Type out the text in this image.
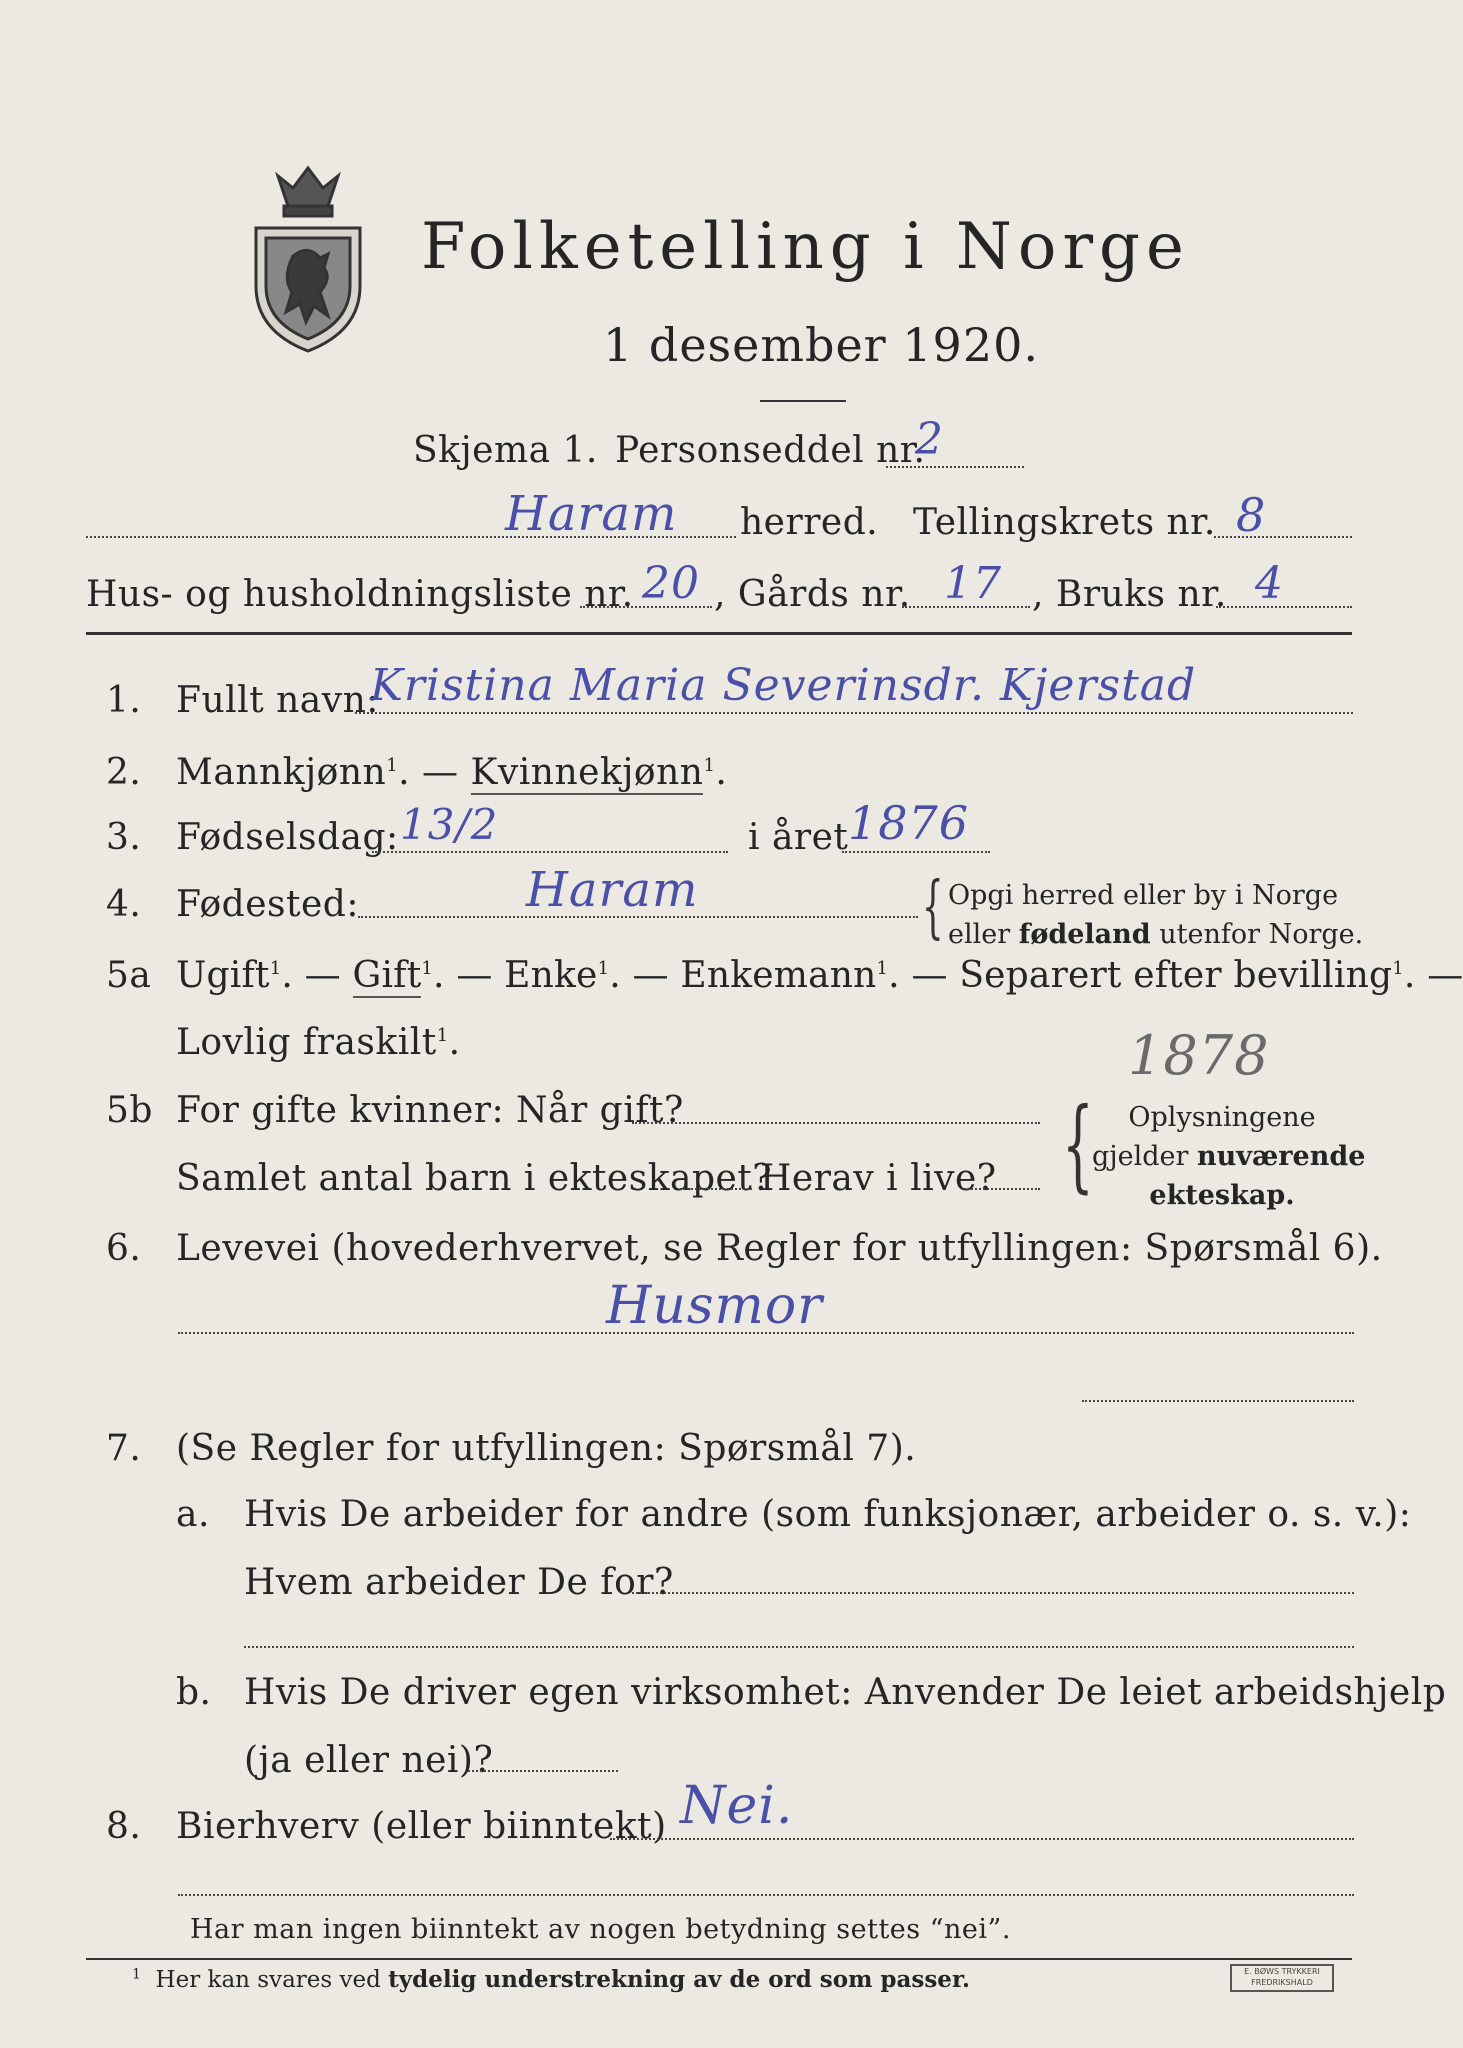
Folketelling i Norge
1 desember 1920.
Skjema 1. Personseddel nr.
2
Haram herred. Tellingskrets nr. 8
Hus- og husholdningsliste nr. 20 , Gårds nr. 17 , Bruks nr. 4
1. Fullt navn:
Kristina Maria Severinsdr. Kjerstad
2. Mannkjønn$^1$. — Kvinnekjønn$^1$.
3. Fødselsdag: 13/2	i året 1876
4. Fødested:	Haram	{ Opgi herred eller by i Norge
eller fødeland utenfor Norge.
5a Ugift$^1$. — Gift$^1$. — Enke$^1$. — Enkemann$^1$. — Separert efter bevilling$^1$. —
Lovlig fraskilt$^1$.	1878
5b For gifte kvinner: Når gift?
Samlet antal barn i ekteskapet?
Herav i live? {	Oplysningene
gjelder nuværende
ekteskap.
6. Levevei (hovederhvervet, se Regler for utfyllingen: Spørsmål 6).
Husmor
7. (Se Regler for utfyllingen: Spørsmål 7).
a. Hvis De arbeider for andre (som funksjonær, arbeider o. s. v.):
Hvem arbeider De for?
b. Hvis De driver egen virksomhet: Anvender De leiet arbeidshjelp
(ja eller nei)?
8. Bierhverv (eller biinntekt) Nei.
Har man ingen biinntekt av nogen betydning settes “nei”.
$^1$ Her kan svares ved tydelig understrekning av de ord som passer.	E. BØWS TRYKKERI
FREDRIKSHALD
